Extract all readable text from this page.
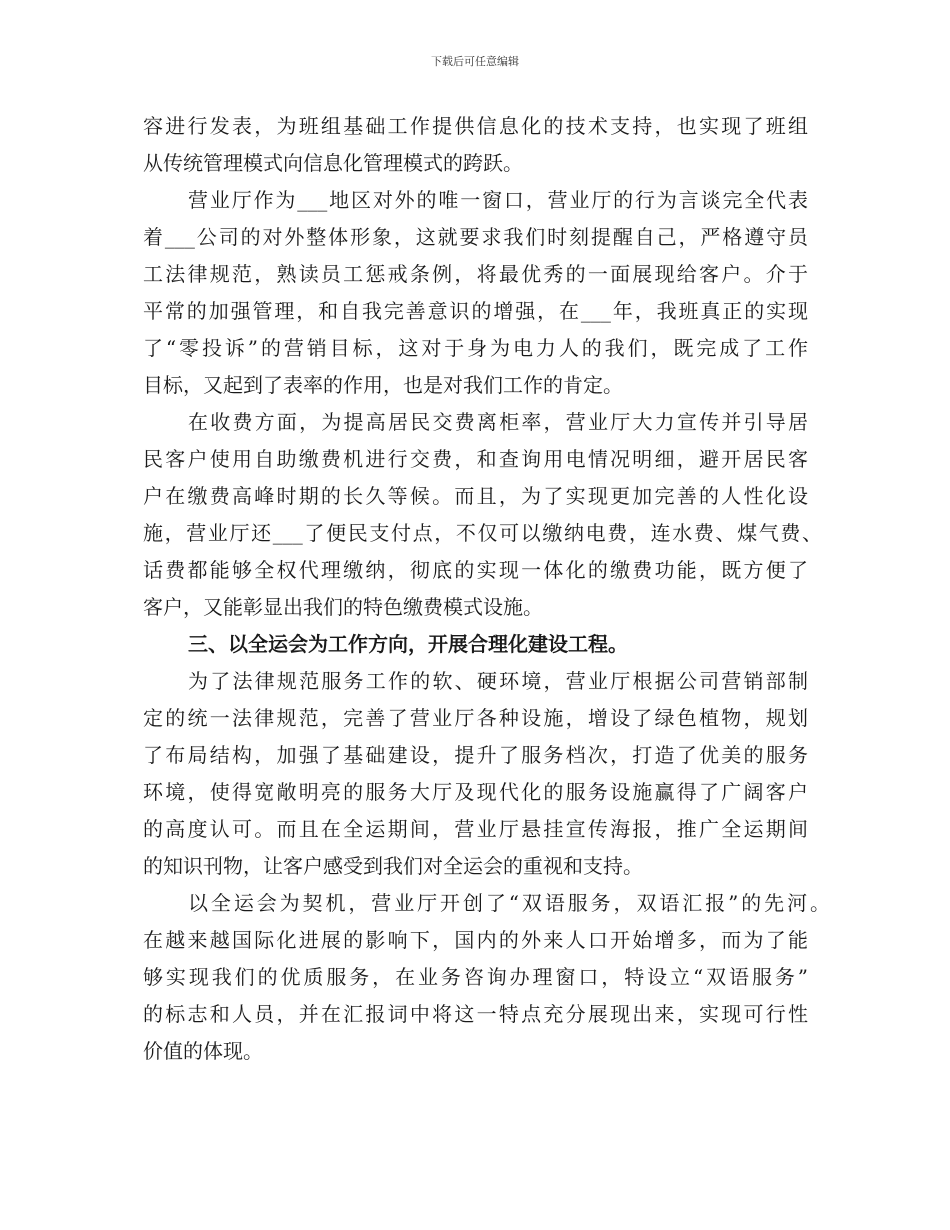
下载后可任意编辑
容进行发表，为班组基础工作提供信息化的技术支持，也实现了班组
从传统管理模式向信息化管理模式的跨跃。
营业厅作为___地区对外的唯一窗口，营业厅的行为言谈完全代表
着___公司的对外整体形象，这就要求我们时刻提醒自己，严格遵守员
工法律规范，熟读员工惩戒条例，将最优秀的一面展现给客户。介于
平常的加强管理，和自我完善意识的增强，在___年，我班真正的实现
了“零投诉”的营销目标，这对于身为电力人的我们，既完成了工作
目标，又起到了表率的作用，也是对我们工作的肯定。
在收费方面，为提高居民交费离柜率，营业厅大力宣传并引导居
民客户使用自助缴费机进行交费，和查询用电情况明细，避开居民客
户在缴费高峰时期的长久等候。而且，为了实现更加完善的人性化设
施，营业厅还___了便民支付点，不仅可以缴纳电费，连水费、煤气费、
话费都能够全权代理缴纳，彻底的实现一体化的缴费功能，既方便了
客户，又能彰显出我们的特色缴费模式设施。
三、以全运会为工作方向，开展合理化建设工程。
为了法律规范服务工作的软、硬环境，营业厅根据公司营销部制
定的统一法律规范，完善了营业厅各种设施，增设了绿色植物，规划
了布局结构，加强了基础建设，提升了服务档次，打造了优美的服务
环境，使得宽敞明亮的服务大厅及现代化的服务设施赢得了广阔客户
的高度认可。而且在全运期间，营业厅悬挂宣传海报，推广全运期间
的知识刊物，让客户感受到我们对全运会的重视和支持。
以全运会为契机，营业厅开创了“双语服务，双语汇报”的先河。
在越来越国际化进展的影响下，国内的外来人口开始增多，而为了能
够实现我们的优质服务，在业务咨询办理窗口，特设立“双语服务”
的标志和人员，并在汇报词中将这一特点充分展现出来，实现可行性
价值的体现。
